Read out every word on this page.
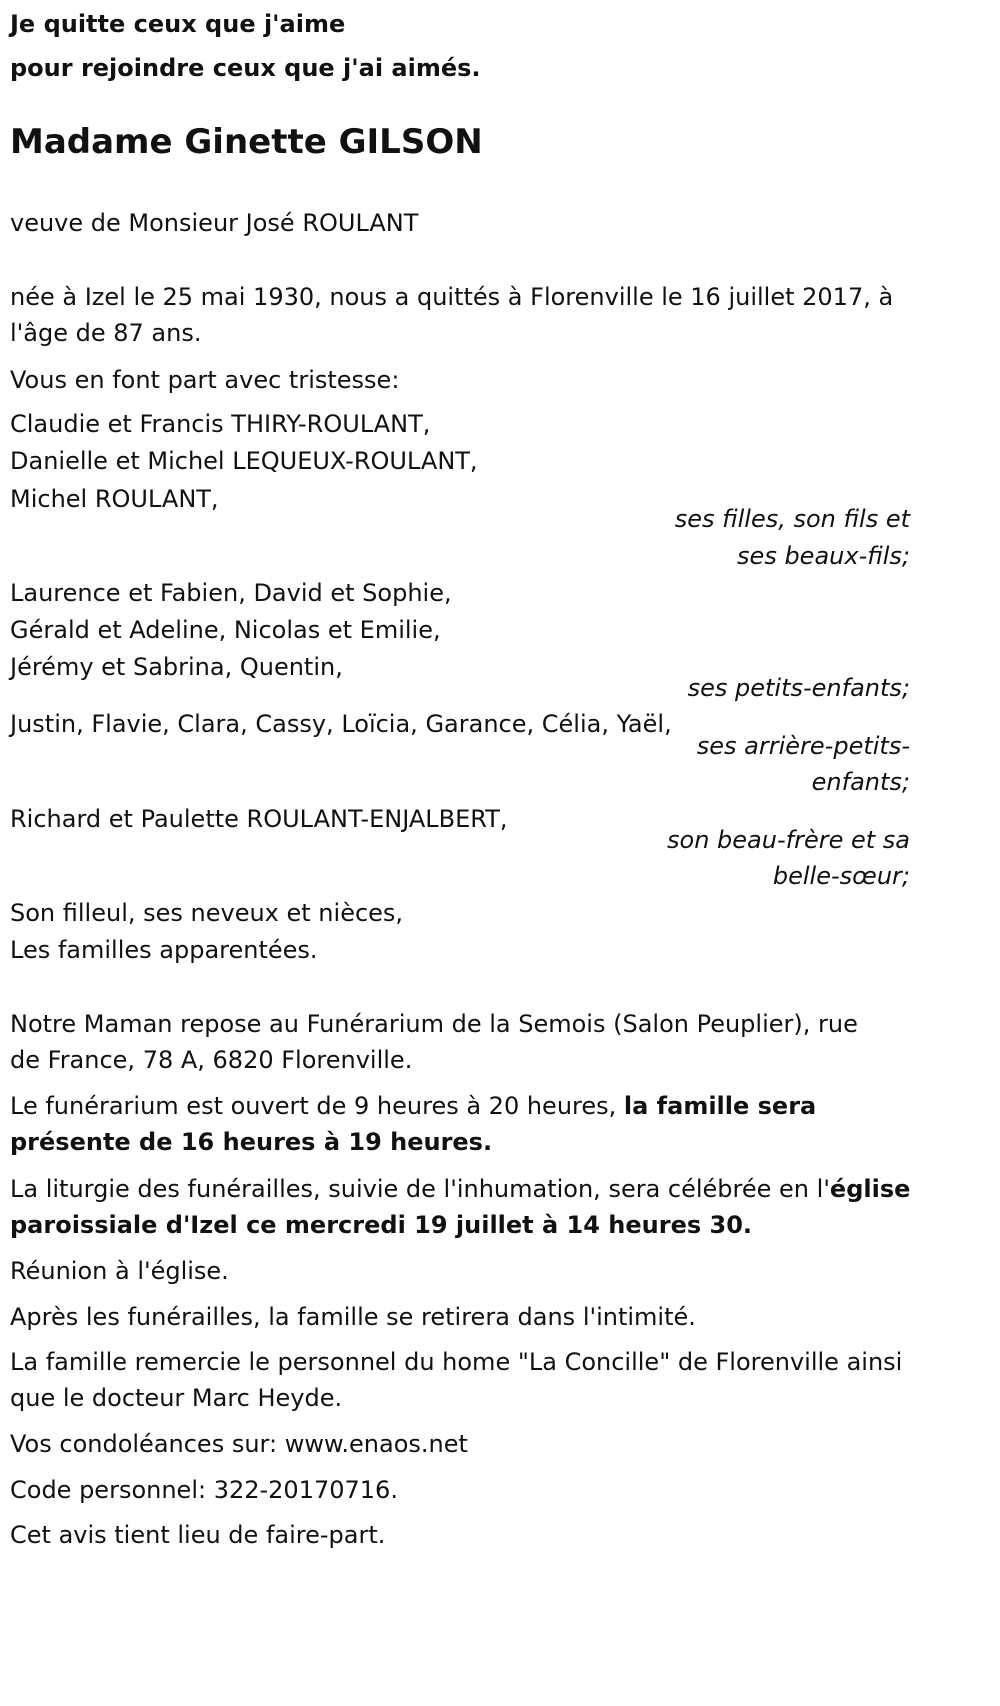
Je quitte ceux que j'aime
pour rejoindre ceux que j'ai aimés.
Madame Ginette GILSON
veuve de Monsieur José ROULANT
née à Izel le 25 mai 1930, nous a quittés à Florenville le 16 juillet 2017, à
l'âge de 87 ans.
Vous en font part avec tristesse:
Claudie et Francis THIRY-ROULANT,
Danielle et Michel LEQUEUX-ROULANT,
Michel ROULANT,
ses filles, son fils et
ses beaux-fils;
Laurence et Fabien, David et Sophie,
Gérald et Adeline, Nicolas et Emilie,
Jérémy et Sabrina, Quentin,
ses petits-enfants;
Justin, Flavie, Clara, Cassy, Loïcia, Garance, Célia, Yaël,
ses arrière-petits-
enfants;
Richard et Paulette ROULANT-ENJALBERT,
son beau-frère et sa
belle-sœur;
Son filleul, ses neveux et nièces,
Les familles apparentées.
Notre Maman repose au Funérarium de la Semois (Salon Peuplier), rue
de France, 78 A, 6820 Florenville.
Le funérarium est ouvert de 9 heures à 20 heures, la famille sera
présente de 16 heures à 19 heures.
La liturgie des funérailles, suivie de l'inhumation, sera célébrée en l'église
paroissiale d'Izel ce mercredi 19 juillet à 14 heures 30.
Réunion à l'église.
Après les funérailles, la famille se retirera dans l'intimité.
La famille remercie le personnel du home "La Concille" de Florenville ainsi
que le docteur Marc Heyde.
Vos condoléances sur: www.enaos.net
Code personnel: 322-20170716.
Cet avis tient lieu de faire-part.
